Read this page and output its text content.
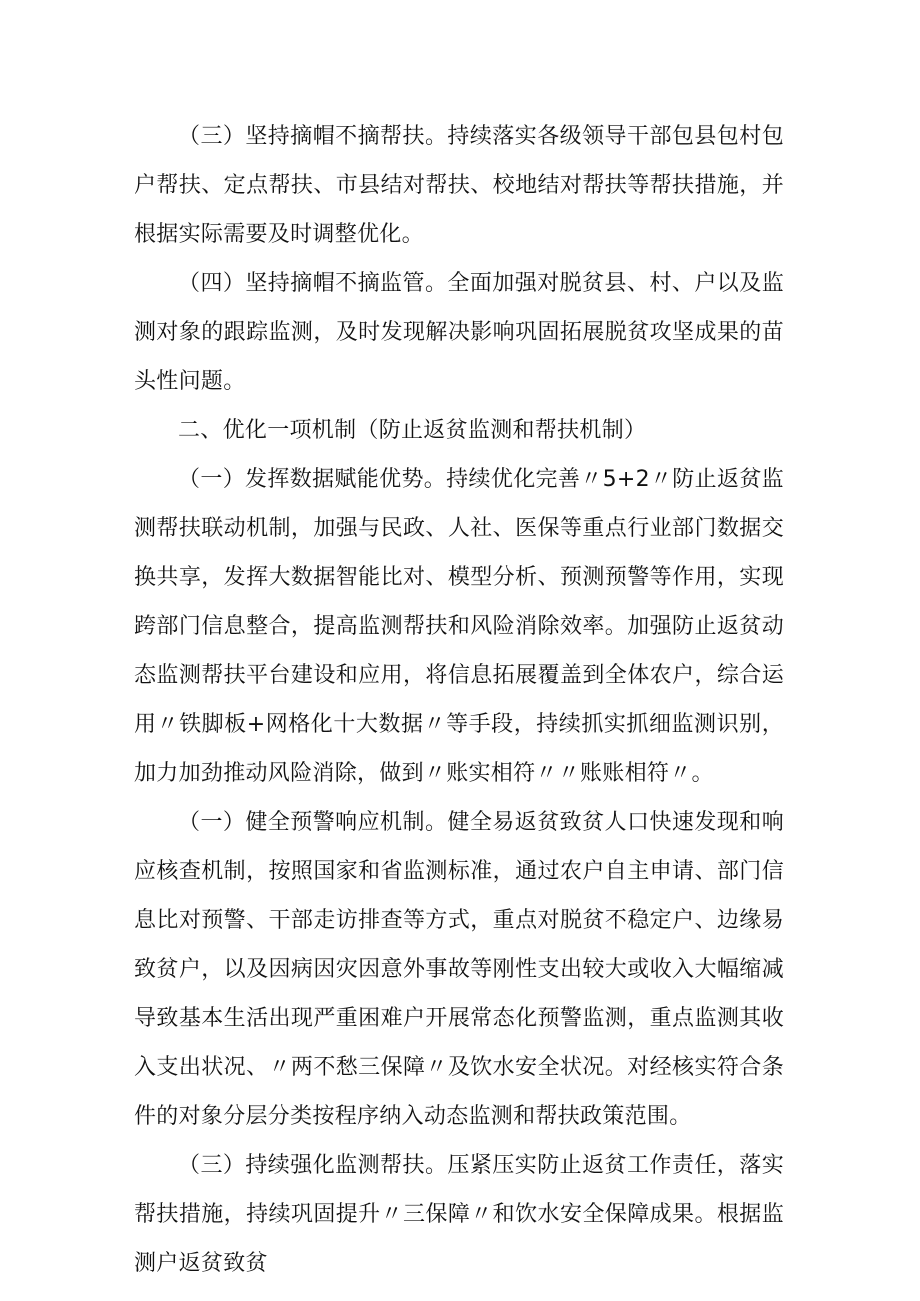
（三）坚持摘帽不摘帮扶。持续落实各级领导干部包县包村包户帮扶、定点帮扶、市县结对帮扶、校地结对帮扶等帮扶措施，并根据实际需要及时调整优化。

（四）坚持摘帽不摘监管。全面加强对脱贫县、村、户以及监测对象的跟踪监测，及时发现解决影响巩固拓展脱贫攻坚成果的苗头性问题。

二、优化一项机制（防止返贫监测和帮扶机制）

（一）发挥数据赋能优势。持续优化完善〃5+2〃防止返贫监测帮扶联动机制，加强与民政、人社、医保等重点行业部门数据交换共享，发挥大数据智能比对、模型分析、预测预警等作用，实现跨部门信息整合，提高监测帮扶和风险消除效率。加强防止返贫动态监测帮扶平台建设和应用，将信息拓展覆盖到全体农户，综合运用〃铁脚板+网格化十大数据〃等手段，持续抓实抓细监测识别，加力加劲推动风险消除，做到〃账实相符〃〃账账相符〃。

（一）健全预警响应机制。健全易返贫致贫人口快速发现和响应核查机制，按照国家和省监测标准，通过农户自主申请、部门信息比对预警、干部走访排查等方式，重点对脱贫不稳定户、边缘易致贫户，以及因病因灾因意外事故等刚性支出较大或收入大幅缩减导致基本生活出现严重困难户开展常态化预警监测，重点监测其收入支出状况、〃两不愁三保障〃及饮水安全状况。对经核实符合条件的对象分层分类按程序纳入动态监测和帮扶政策范围。

（三）持续强化监测帮扶。压紧压实防止返贫工作责任，落实帮扶措施，持续巩固提升〃三保障〃和饮水安全保障成果。根据监测户返贫致贫
